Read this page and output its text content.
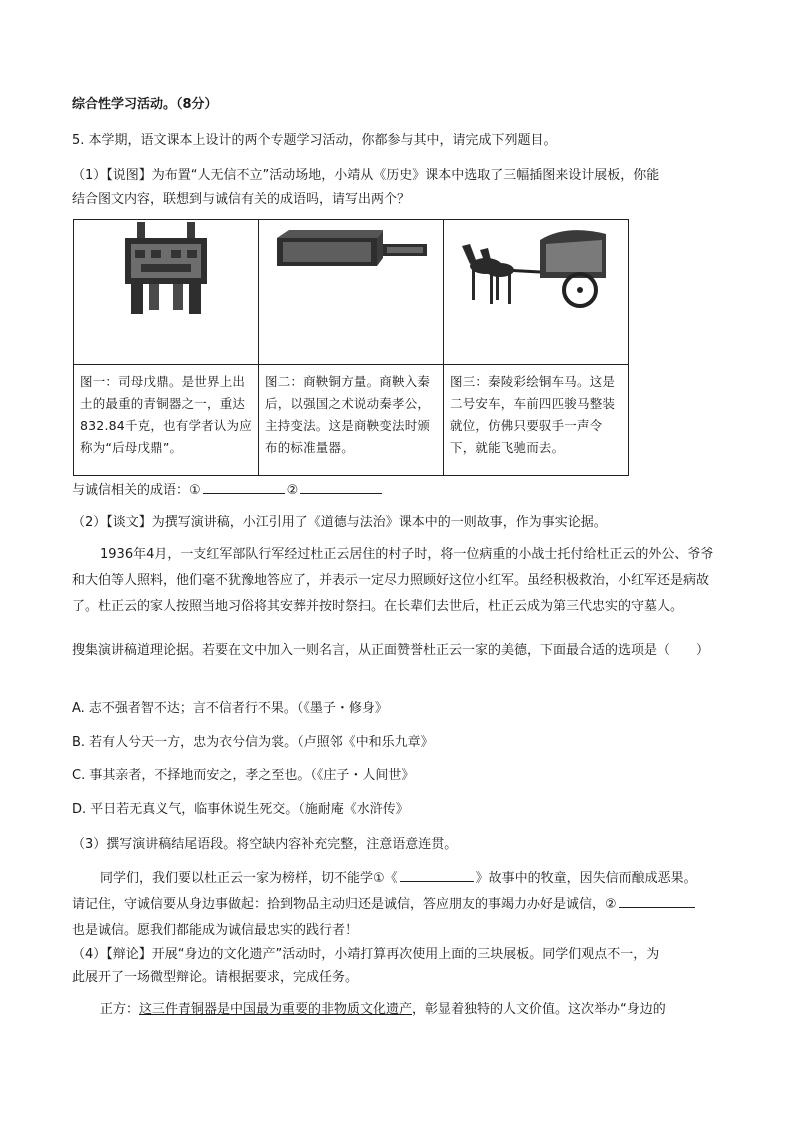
综合性学习活动。（8分）
5. 本学期，语文课本上设计的两个专题学习活动，你都参与其中，请完成下列题目。
（1）【说图】为布置“人无信不立”活动场地，小靖从《历史》课本中选取了三幅插图来设计展板，你能
结合图文内容，联想到与诚信有关的成语吗，请写出两个？

图一：司母戊鼎。是世界上出土的最重的青铜器之一，重达832.84千克，也有学者认为应称为“后母戊鼎”。	图二：商鞅铜方量。商鞅入秦后，以强国之术说动秦孝公，主持变法。这是商鞅变法时颁布的标准量器。	图三：秦陵彩绘铜车马。这是二号安车，车前四匹骏马整装就位，仿佛只要驭手一声令下，就能飞驰而去。
与诚信相关的成语：①	②
（2）【谈文】为撰写演讲稿，小江引用了《道德与法治》课本中的一则故事，作为事实论据。
1936年4月，一支红军部队行军经过杜正云居住的村子时，将一位病重的小战士托付给杜正云的外公、爷爷和大伯等人照料，他们毫不犹豫地答应了，并表示一定尽力照顾好这位小红军。虽经积极救治，小红军还是病故了。杜正云的家人按照当地习俗将其安葬并按时祭扫。在长辈们去世后，杜正云成为第三代忠实的守墓人。
搜集演讲稿道理论据。若要在文中加入一则名言，从正面赞誉杜正云一家的美德，下面最合适的选项是（　　）
A. 志不强者智不达；言不信者行不果。（《墨子・修身》
B. 若有人兮天一方，忠为衣兮信为裳。（卢照邻《中和乐九章》
C. 事其亲者，不择地而安之，孝之至也。（《庄子・人间世》
D. 平日若无真义气，临事休说生死交。（施耐庵《水浒传》
（3）撰写演讲稿结尾语段。将空缺内容补充完整，注意语意连贯。
同学们，我们要以杜正云一家为榜样，切不能学①《	》故事中的牧童，因失信而酿成恶果。
请记住，守诚信要从身边事做起：拾到物品主动归还是诚信，答应朋友的事竭力办好是诚信，②
也是诚信。愿我们都能成为诚信最忠实的践行者！
（4）【辩论】开展“身边的文化遗产”活动时，小靖打算再次使用上面的三块展板。同学们观点不一，为
此展开了一场微型辩论。请根据要求，完成任务。
正方：这三件青铜器是中国最为重要的非物质文化遗产，彰显着独特的人文价值。这次举办“身边的
